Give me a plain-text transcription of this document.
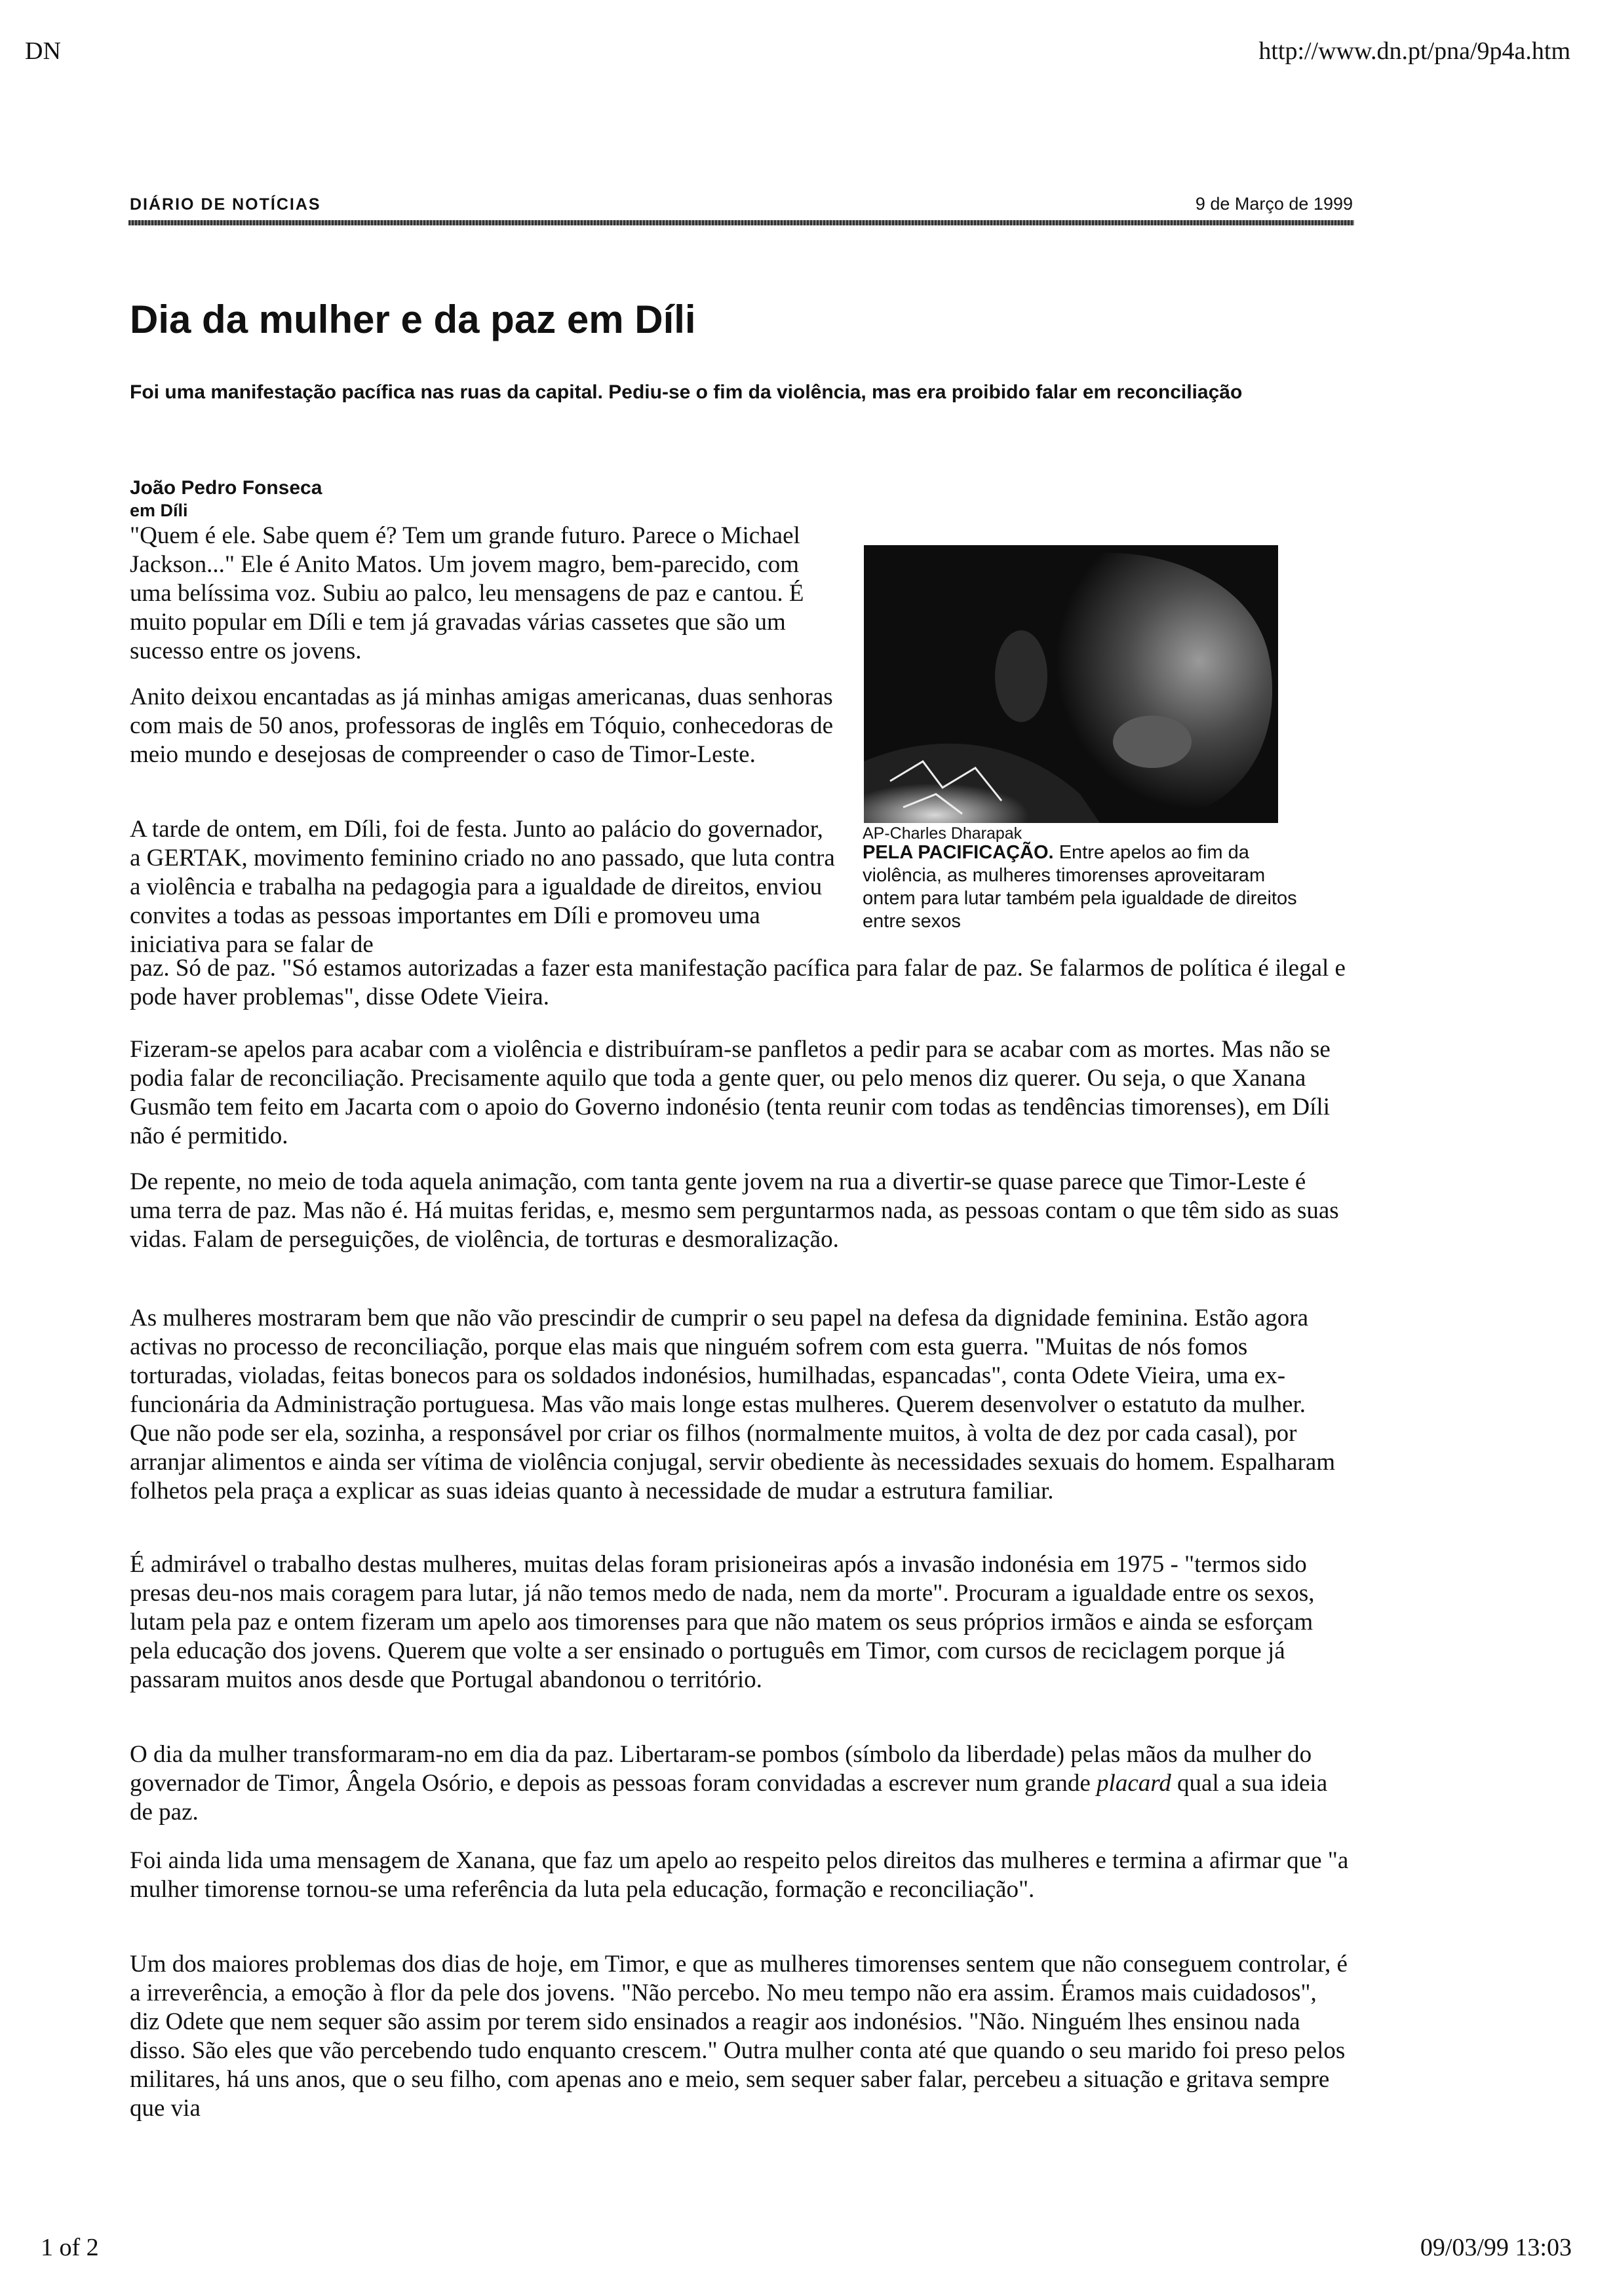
DN	http://www.dn.pt/pna/9p4a.htm
DIÁRIO DE NOTÍCIAS	9 de Março de 1999
Dia da mulher e da paz em Díli
Foi uma manifestação pacífica nas ruas da capital. Pediu-se o fim da violência, mas era proibido falar em reconciliação
João Pedro Fonseca
em Díli
AP-Charles Dharapak
PELA PACIFICAÇÃO. Entre apelos ao fim da violência, as mulheres timorenses aproveitaram ontem para lutar também pela igualdade de direitos entre sexos
"Quem é ele. Sabe quem é? Tem um grande futuro. Parece o Michael Jackson..." Ele é Anito Matos. Um jovem magro, bem-parecido, com uma belíssima voz. Subiu ao palco, leu mensagens de paz e cantou. É muito popular em Díli e tem já gravadas várias cassetes que são um sucesso entre os jovens.
Anito deixou encantadas as já minhas amigas americanas, duas senhoras com mais de 50 anos, professoras de inglês em Tóquio, conhecedoras de meio mundo e desejosas de compreender o caso de Timor-Leste.
A tarde de ontem, em Díli, foi de festa. Junto ao palácio do governador, a GERTAK, movimento feminino criado no ano passado, que luta contra a violência e trabalha na pedagogia para a igualdade de direitos, enviou convites a todas as pessoas importantes em Díli e promoveu uma iniciativa para se falar de
paz. Só de paz. "Só estamos autorizadas a fazer esta manifestação pacífica para falar de paz. Se falarmos de política é ilegal e pode haver problemas", disse Odete Vieira.
Fizeram-se apelos para acabar com a violência e distribuíram-se panfletos a pedir para se acabar com as mortes. Mas não se podia falar de reconciliação. Precisamente aquilo que toda a gente quer, ou pelo menos diz querer. Ou seja, o que Xanana Gusmão tem feito em Jacarta com o apoio do Governo indonésio (tenta reunir com todas as tendências timorenses), em Díli não é permitido.
De repente, no meio de toda aquela animação, com tanta gente jovem na rua a divertir-se quase parece que Timor-Leste é uma terra de paz. Mas não é. Há muitas feridas, e, mesmo sem perguntarmos nada, as pessoas contam o que têm sido as suas vidas. Falam de perseguições, de violência, de torturas e desmoralização.
As mulheres mostraram bem que não vão prescindir de cumprir o seu papel na defesa da dignidade feminina. Estão agora activas no processo de reconciliação, porque elas mais que ninguém sofrem com esta guerra. "Muitas de nós fomos torturadas, violadas, feitas bonecos para os soldados indonésios, humilhadas, espancadas", conta Odete Vieira, uma ex-funcionária da Administração portuguesa. Mas vão mais longe estas mulheres. Querem desenvolver o estatuto da mulher. Que não pode ser ela, sozinha, a responsável por criar os filhos (normalmente muitos, à volta de dez por cada casal), por arranjar alimentos e ainda ser vítima de violência conjugal, servir obediente às necessidades sexuais do homem. Espalharam folhetos pela praça a explicar as suas ideias quanto à necessidade de mudar a estrutura familiar.
É admirável o trabalho destas mulheres, muitas delas foram prisioneiras após a invasão indonésia em 1975 - "termos sido presas deu-nos mais coragem para lutar, já não temos medo de nada, nem da morte". Procuram a igualdade entre os sexos, lutam pela paz e ontem fizeram um apelo aos timorenses para que não matem os seus próprios irmãos e ainda se esforçam pela educação dos jovens. Querem que volte a ser ensinado o português em Timor, com cursos de reciclagem porque já passaram muitos anos desde que Portugal abandonou o território.
O dia da mulher transformaram-no em dia da paz. Libertaram-se pombos (símbolo da liberdade) pelas mãos da mulher do governador de Timor, Ângela Osório, e depois as pessoas foram convidadas a escrever num grande placard qual a sua ideia de paz.
Foi ainda lida uma mensagem de Xanana, que faz um apelo ao respeito pelos direitos das mulheres e termina a afirmar que "a mulher timorense tornou-se uma referência da luta pela educação, formação e reconciliação".
Um dos maiores problemas dos dias de hoje, em Timor, e que as mulheres timorenses sentem que não conseguem controlar, é a irreverência, a emoção à flor da pele dos jovens. "Não percebo. No meu tempo não era assim. Éramos mais cuidadosos", diz Odete que nem sequer são assim por terem sido ensinados a reagir aos indonésios. "Não. Ninguém lhes ensinou nada disso. São eles que vão percebendo tudo enquanto crescem." Outra mulher conta até que quando o seu marido foi preso pelos militares, há uns anos, que o seu filho, com apenas ano e meio, sem sequer saber falar, percebeu a situação e gritava sempre que via
1 of 2	09/03/99 13:03
